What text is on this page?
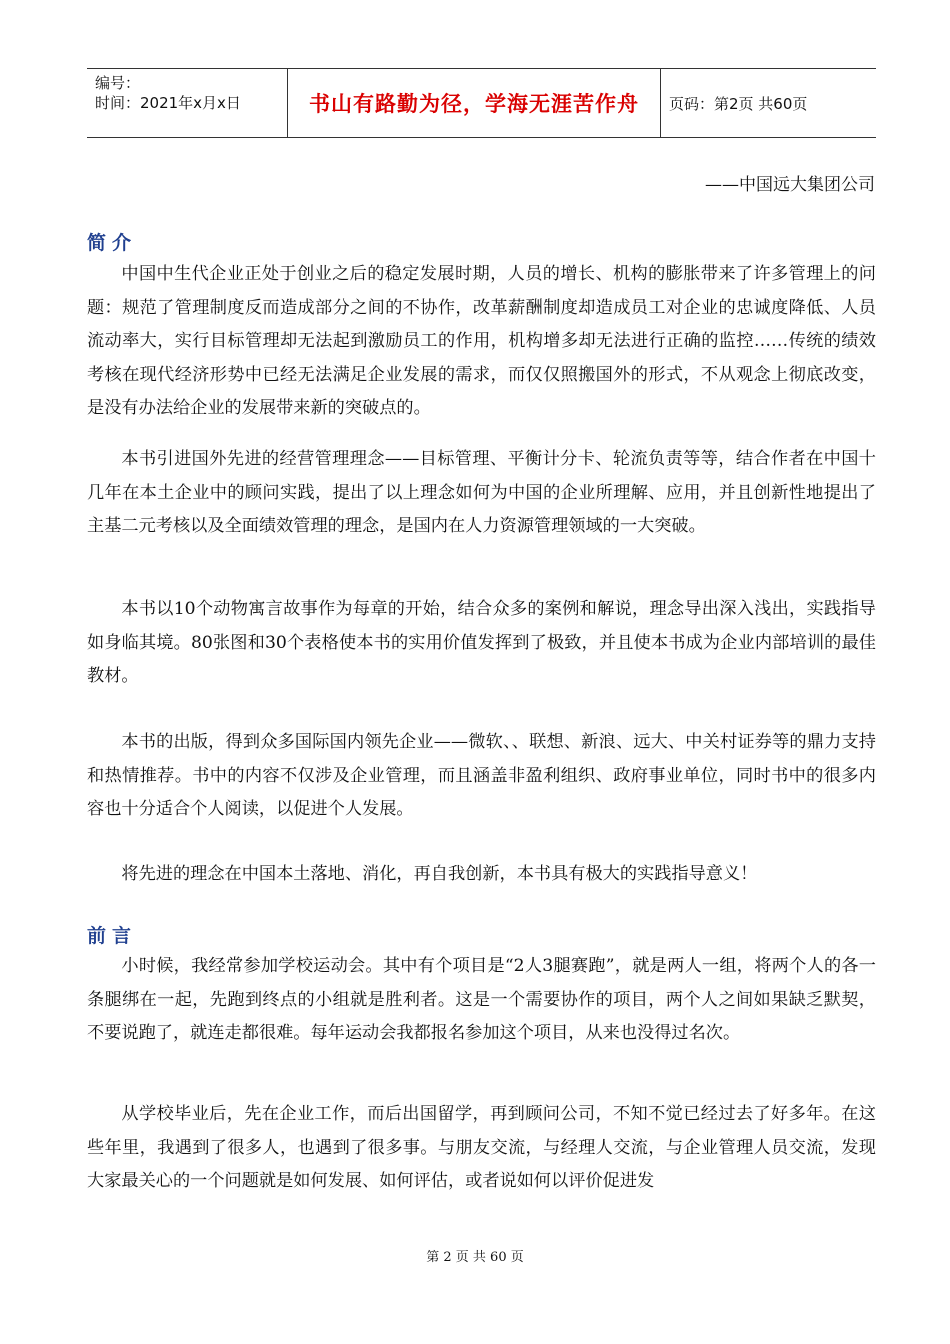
编号：
时间：2021年x月x日	书山有路勤为径，学海无涯苦作舟	页码：第2页 共60页
——中国远大集团公司
简介

中国中生代企业正处于创业之后的稳定发展时期，人员的增长、机构的膨胀带来了许多管理上的问题：规范了管理制度反而造成部分之间的不协作，改革薪酬制度却造成员工对企业的忠诚度降低、人员流动率大，实行目标管理却无法起到激励员工的作用，机构增多却无法进行正确的监控……传统的绩效考核在现代经济形势中已经无法满足企业发展的需求，而仅仅照搬国外的形式，不从观念上彻底改变，是没有办法给企业的发展带来新的突破点的。

本书引进国外先进的经营管理理念——目标管理、平衡计分卡、轮流负责等等，结合作者在中国十几年在本土企业中的顾问实践，提出了以上理念如何为中国的企业所理解、应用，并且创新性地提出了主基二元考核以及全面绩效管理的理念，是国内在人力资源管理领域的一大突破。

本书以10个动物寓言故事作为每章的开始，结合众多的案例和解说，理念导出深入浅出，实践指导如身临其境。80张图和30个表格使本书的实用价值发挥到了极致，并且使本书成为企业内部培训的最佳教材。

本书的出版，得到众多国际国内领先企业——微软、、联想、新浪、远大、中关村证券等的鼎力支持和热情推荐。书中的内容不仅涉及企业管理，而且涵盖非盈利组织、政府事业单位，同时书中的很多内容也十分适合个人阅读，以促进个人发展。

将先进的理念在中国本土落地、消化，再自我创新，本书具有极大的实践指导意义！

前言

小时候，我经常参加学校运动会。其中有个项目是“2人3腿赛跑”，就是两人一组，将两个人的各一条腿绑在一起，先跑到终点的小组就是胜利者。这是一个需要协作的项目，两个人之间如果缺乏默契，不要说跑了，就连走都很难。每年运动会我都报名参加这个项目，从来也没得过名次。

从学校毕业后，先在企业工作，而后出国留学，再到顾问公司，不知不觉已经过去了好多年。在这些年里，我遇到了很多人，也遇到了很多事。与朋友交流，与经理人交流，与企业管理人员交流，发现大家最关心的一个问题就是如何发展、如何评估，或者说如何以评价促进发

第 2 页 共 60 页
